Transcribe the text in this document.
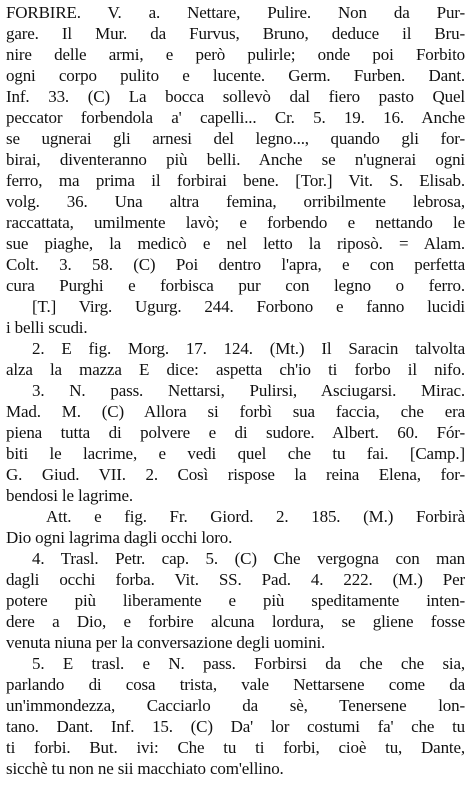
FORBIRE. V. a. Nettare, Pulire. Non da Pur-
gare. Il Mur. da Furvus, Bruno, deduce il Bru-
nire delle armi, e però pulirle; onde poi Forbito
ogni corpo pulito e lucente. Germ. Furben. Dant.
Inf. 33. (C) La bocca sollevò dal fiero pasto Quel
peccator forbendola a' capelli... Cr. 5. 19. 16. Anche
se ugnerai gli arnesi del legno..., quando gli for-
birai, diventeranno più belli. Anche se n'ugnerai ogni
ferro, ma prima il forbirai bene. [Tor.] Vit. S. Elisab.
volg. 36. Una altra femina, orribilmente lebrosa,
raccattata, umilmente lavò; e forbendo e nettando le
sue piaghe, la medicò e nel letto la riposò. = Alam.
Colt. 3. 58. (C) Poi dentro l'apra, e con perfetta
cura Purghi e forbisca pur con legno o ferro.
[T.] Virg. Ugurg. 244. Forbono e fanno lucidi
i belli scudi.
2. E fig. Morg. 17. 124. (Mt.) Il Saracin talvolta
alza la mazza E dice: aspetta ch'io ti forbo il nifo.
3. N. pass. Nettarsi, Pulirsi, Asciugarsi. Mirac.
Mad. M. (C) Allora si forbì sua faccia, che era
piena tutta di polvere e di sudore. Albert. 60. Fór-
biti le lacrime, e vedi quel che tu fai. [Camp.]
G. Giud. VII. 2. Così rispose la reina Elena, for-
bendosi le lagrime.
Att. e fig. Fr. Giord. 2. 185. (M.) Forbirà
Dio ogni lagrima dagli occhi loro.
4. Trasl. Petr. cap. 5. (C) Che vergogna con man
dagli occhi forba. Vit. SS. Pad. 4. 222. (M.) Per
potere più liberamente e più speditamente inten-
dere a Dio, e forbire alcuna lordura, se gliene fosse
venuta niuna per la conversazione degli uomini.
5. E trasl. e N. pass. Forbirsi da che che sia,
parlando di cosa trista, vale Nettarsene come da
un'immondezza, Cacciarlo da sè, Tenersene lon-
tano. Dant. Inf. 15. (C) Da' lor costumi fa' che tu
ti forbi. But. ivi: Che tu ti forbi, cioè tu, Dante,
sicchè tu non ne sii macchiato com'ellino.
